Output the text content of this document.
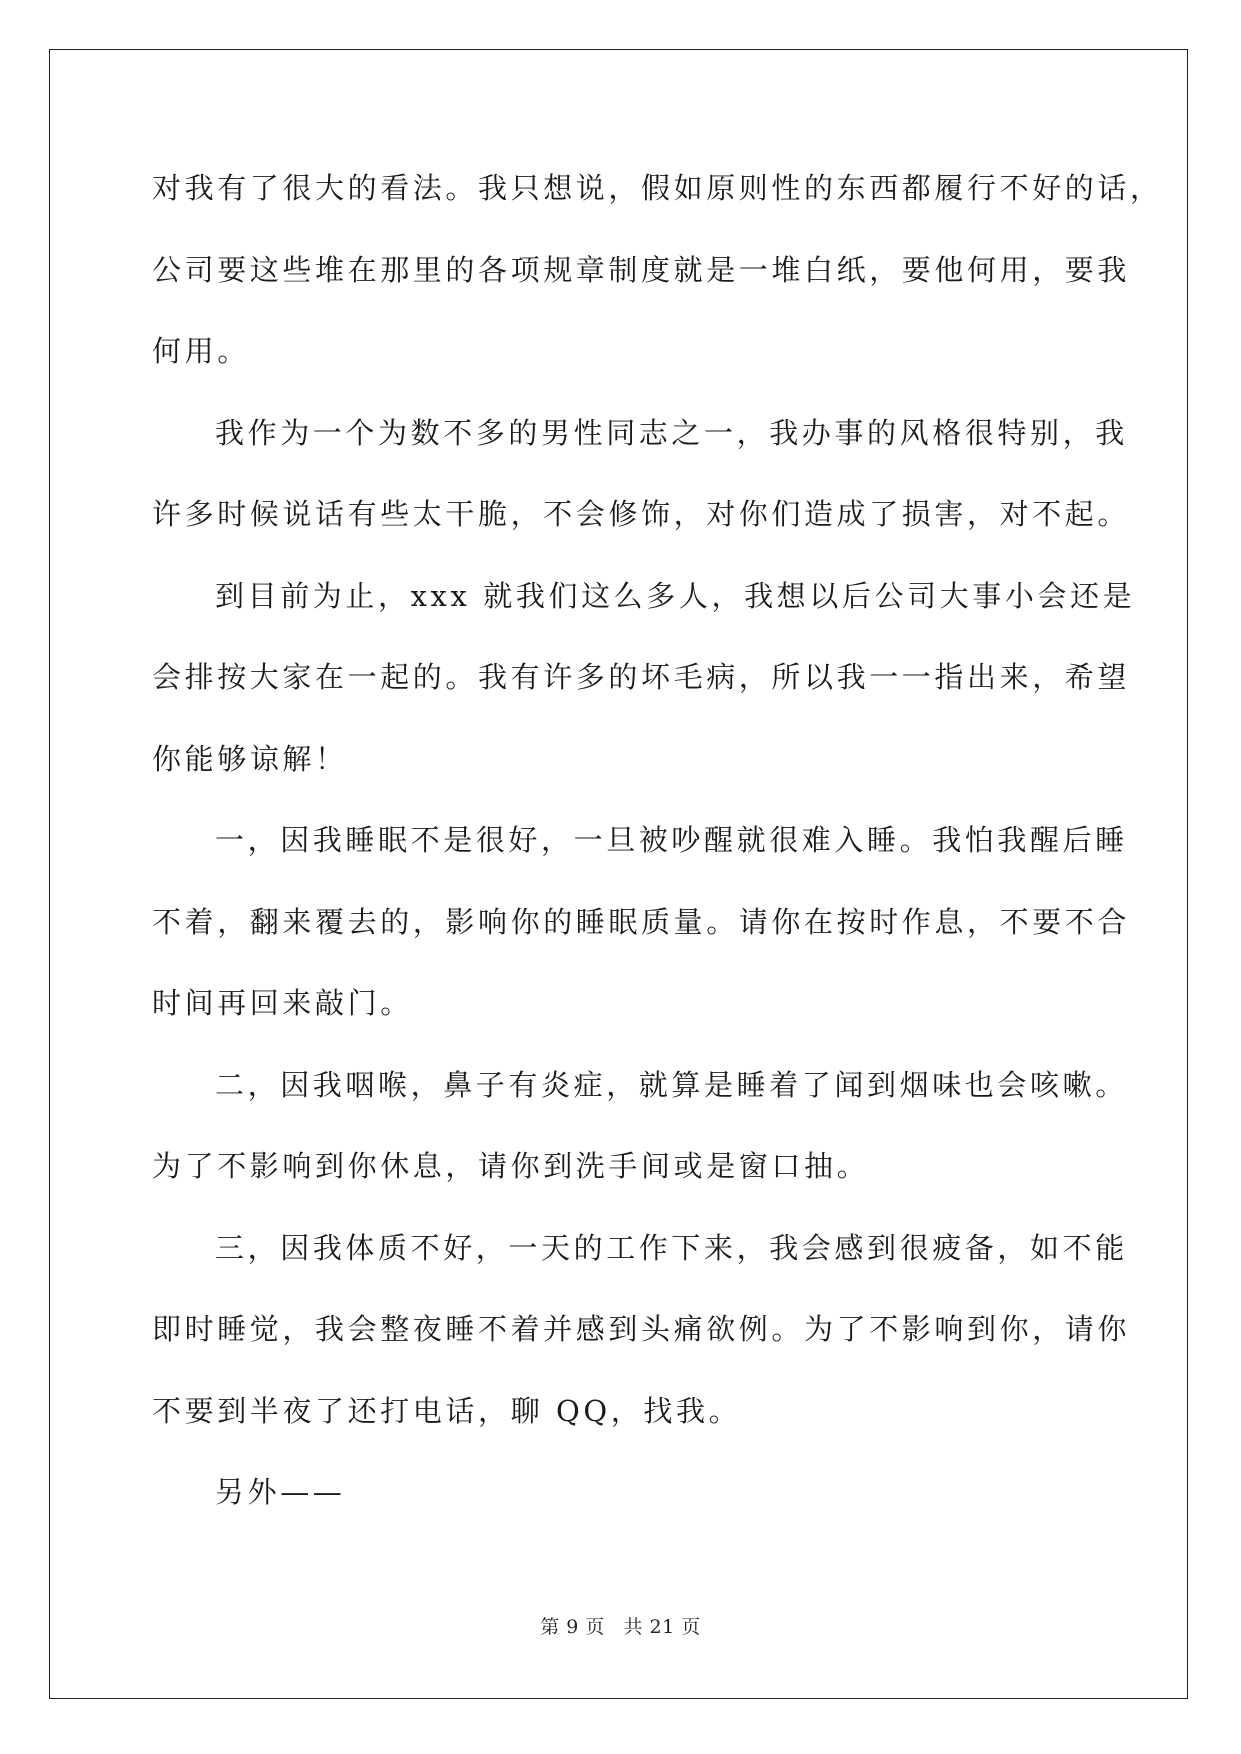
对我有了很大的看法。我只想说，假如原则性的东西都履行不好的话，
公司要这些堆在那里的各项规章制度就是一堆白纸，要他何用，要我
何用。
我作为一个为数不多的男性同志之一，我办事的风格很特别，我
许多时候说话有些太干脆，不会修饰，对你们造成了损害，对不起。
到目前为止，xxx 就我们这么多人，我想以后公司大事小会还是
会排按大家在一起的。我有许多的坏毛病，所以我一一指出来，希望
你能够谅解！
一，因我睡眠不是很好，一旦被吵醒就很难入睡。我怕我醒后睡
不着，翻来覆去的，影响你的睡眠质量。请你在按时作息，不要不合
时间再回来敲门。
二，因我咽喉，鼻子有炎症，就算是睡着了闻到烟味也会咳嗽。
为了不影响到你休息，请你到洗手间或是窗口抽。
三，因我体质不好，一天的工作下来，我会感到很疲备，如不能
即时睡觉，我会整夜睡不着并感到头痛欲例。为了不影响到你，请你
不要到半夜了还打电话，聊 QQ，找我。
另外——
第 9 页 共 21 页
